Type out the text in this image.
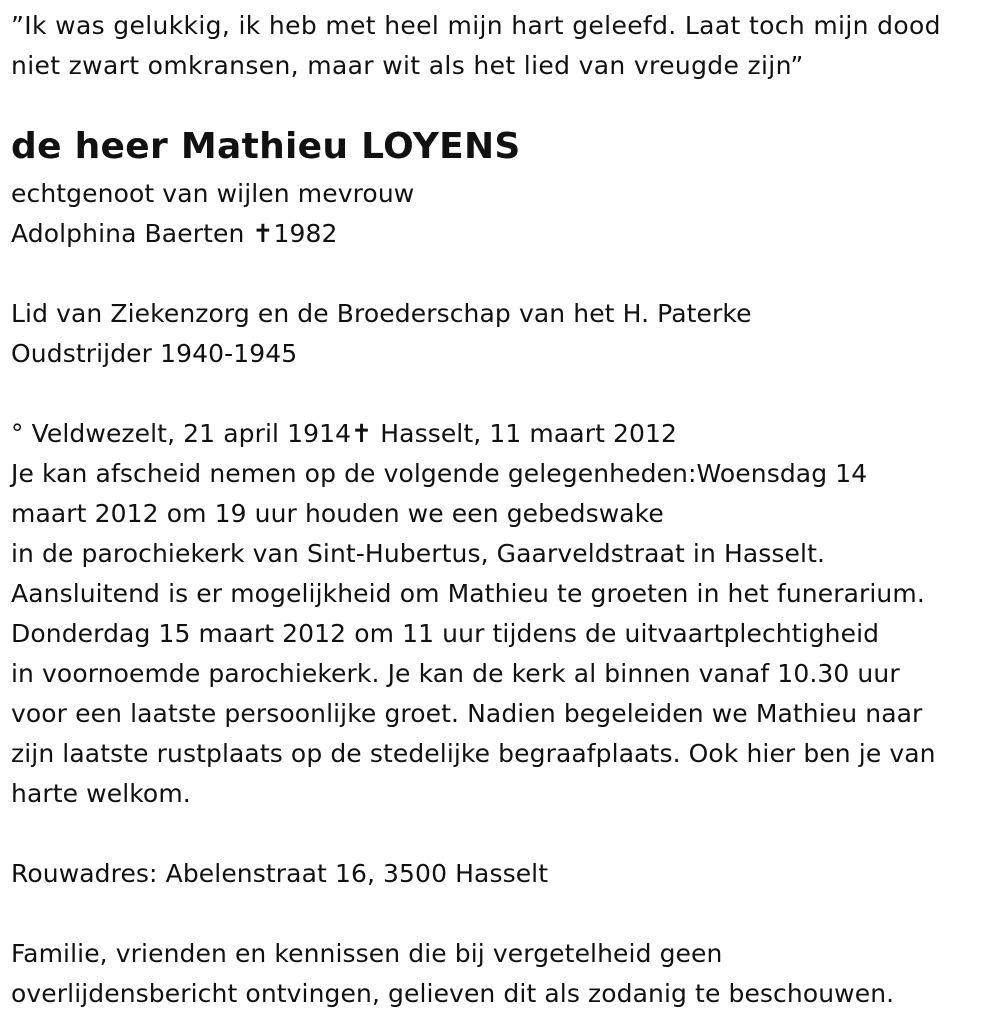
”Ik was gelukkig, ik heb met heel mijn hart geleefd. Laat toch mijn dood
niet zwart omkransen, maar wit als het lied van vreugde zijn”
de heer Mathieu LOYENS
echtgenoot van wijlen mevrouw
Adolphina Baerten ✝1982
Lid van Ziekenzorg en de Broederschap van het H. Paterke
Oudstrijder 1940-1945
° Veldwezelt, 21 april 1914✝ Hasselt, 11 maart 2012
Je kan afscheid nemen op de volgende gelegenheden:Woensdag 14
maart 2012 om 19 uur houden we een gebedswake
in de parochiekerk van Sint-Hubertus, Gaarveldstraat in Hasselt.
Aansluitend is er mogelijkheid om Mathieu te groeten in het funerarium.
Donderdag 15 maart 2012 om 11 uur tijdens de uitvaartplechtigheid
in voornoemde parochiekerk. Je kan de kerk al binnen vanaf 10.30 uur
voor een laatste persoonlijke groet. Nadien begeleiden we Mathieu naar
zijn laatste rustplaats op de stedelijke begraafplaats. Ook hier ben je van
harte welkom.
Rouwadres: Abelenstraat 16, 3500 Hasselt
Familie, vrienden en kennissen die bij vergetelheid geen
overlijdensbericht ontvingen, gelieven dit als zodanig te beschouwen.
